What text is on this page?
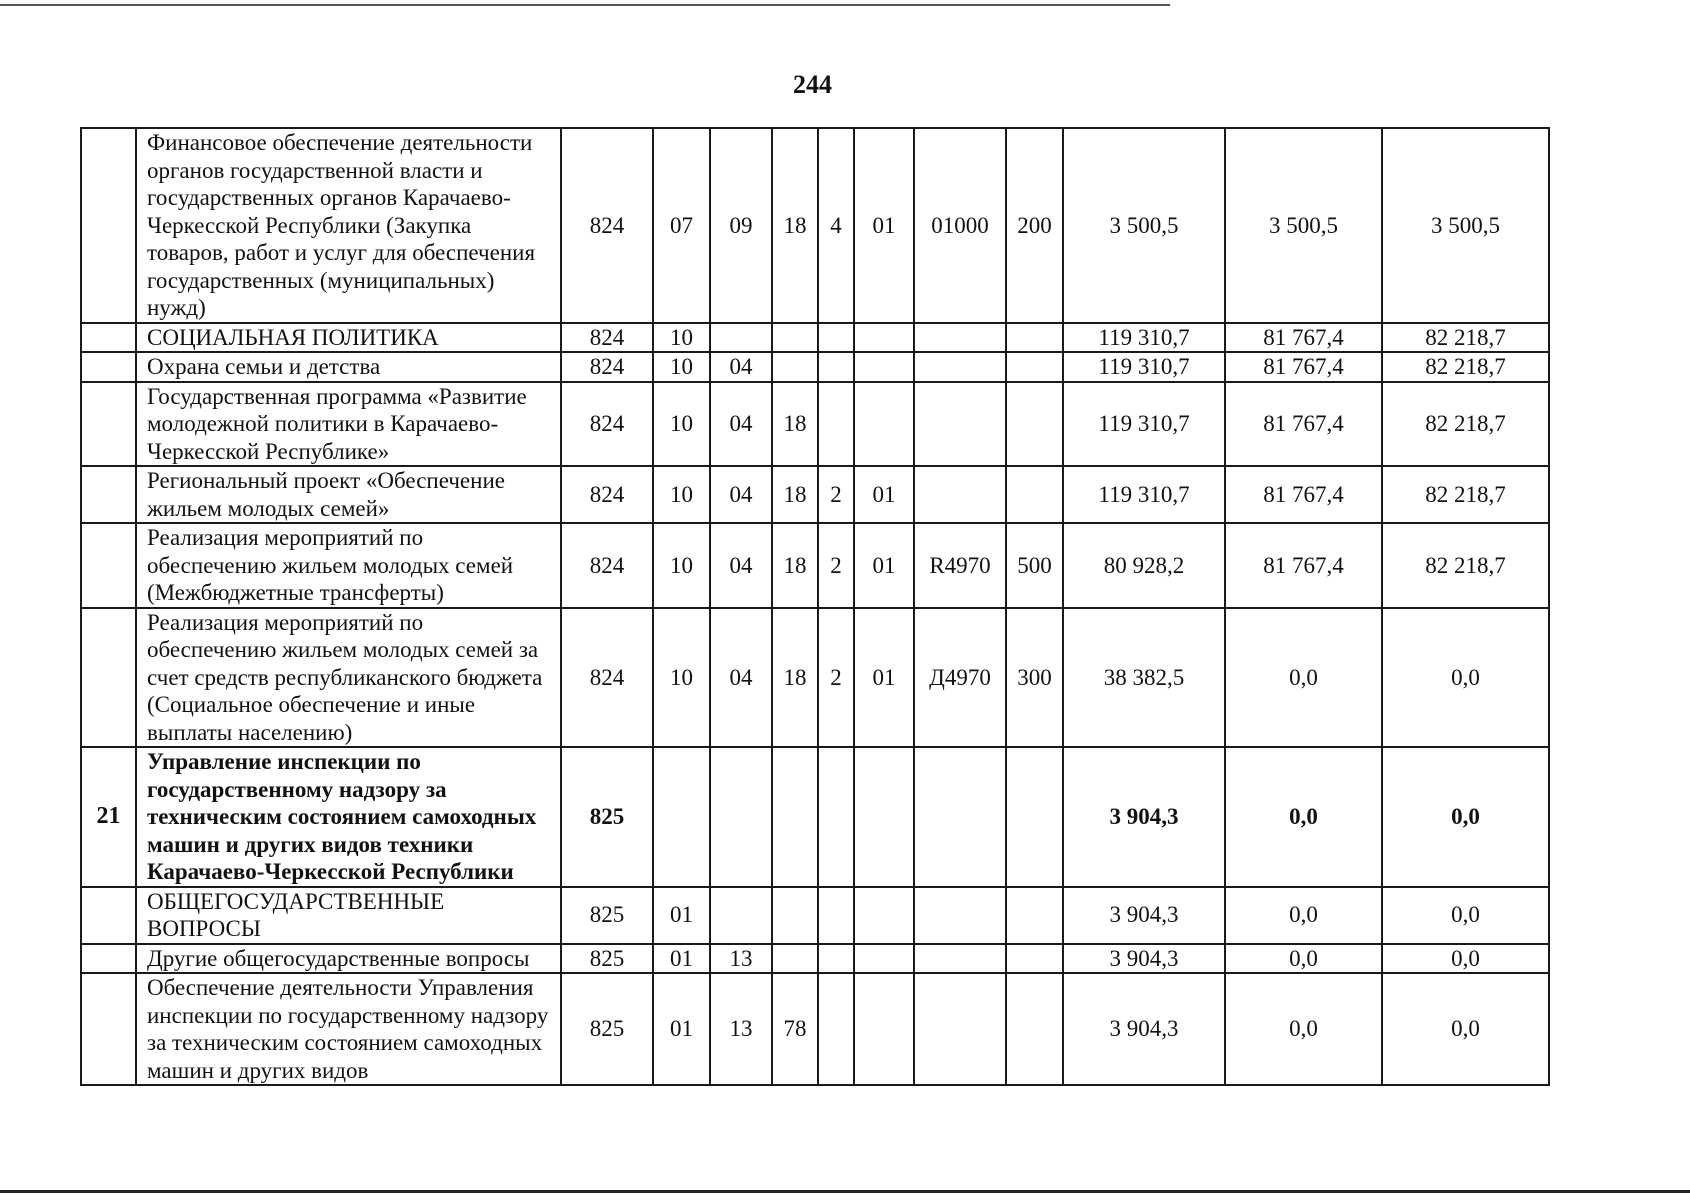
244
	Финансовое обеспечение деятельности органов государственной власти и государственных органов Карачаево-Черкесской Республики (Закупка товаров, работ и услуг для обеспечения государственных (муниципальных) нужд)	824	07	09	18	4	01	01000	200	3 500,5	3 500,5	3 500,5
	СОЦИАЛЬНАЯ ПОЛИТИКА	824	10							119 310,7	81 767,4	82 218,7
	Охрана семьи и детства	824	10	04						119 310,7	81 767,4	82 218,7
	Государственная программа «Развитие молодежной политики в Карачаево-Черкесской Республике»	824	10	04	18					119 310,7	81 767,4	82 218,7
	Региональный проект «Обеспечение жильем молодых семей»	824	10	04	18	2	01			119 310,7	81 767,4	82 218,7
	Реализация мероприятий по обеспечению жильем молодых семей (Межбюджетные трансферты)	824	10	04	18	2	01	R4970	500	80 928,2	81 767,4	82 218,7
	Реализация мероприятий по обеспечению жильем молодых семей за счет средств республиканского бюджета (Социальное обеспечение и иные выплаты населению)	824	10	04	18	2	01	Д4970	300	38 382,5	0,0	0,0
21	Управление инспекции по государственному надзору за техническим состоянием самоходных машин и других видов техники Карачаево-Черкесской Республики	825								3 904,3	0,0	0,0
	ОБЩЕГОСУДАРСТВЕННЫЕ ВОПРОСЫ	825	01							3 904,3	0,0	0,0
	Другие общегосударственные вопросы	825	01	13						3 904,3	0,0	0,0
	Обеспечение деятельности Управления инспекции по государственному надзору за техническим состоянием самоходных машин и других видов	825	01	13	78					3 904,3	0,0	0,0
